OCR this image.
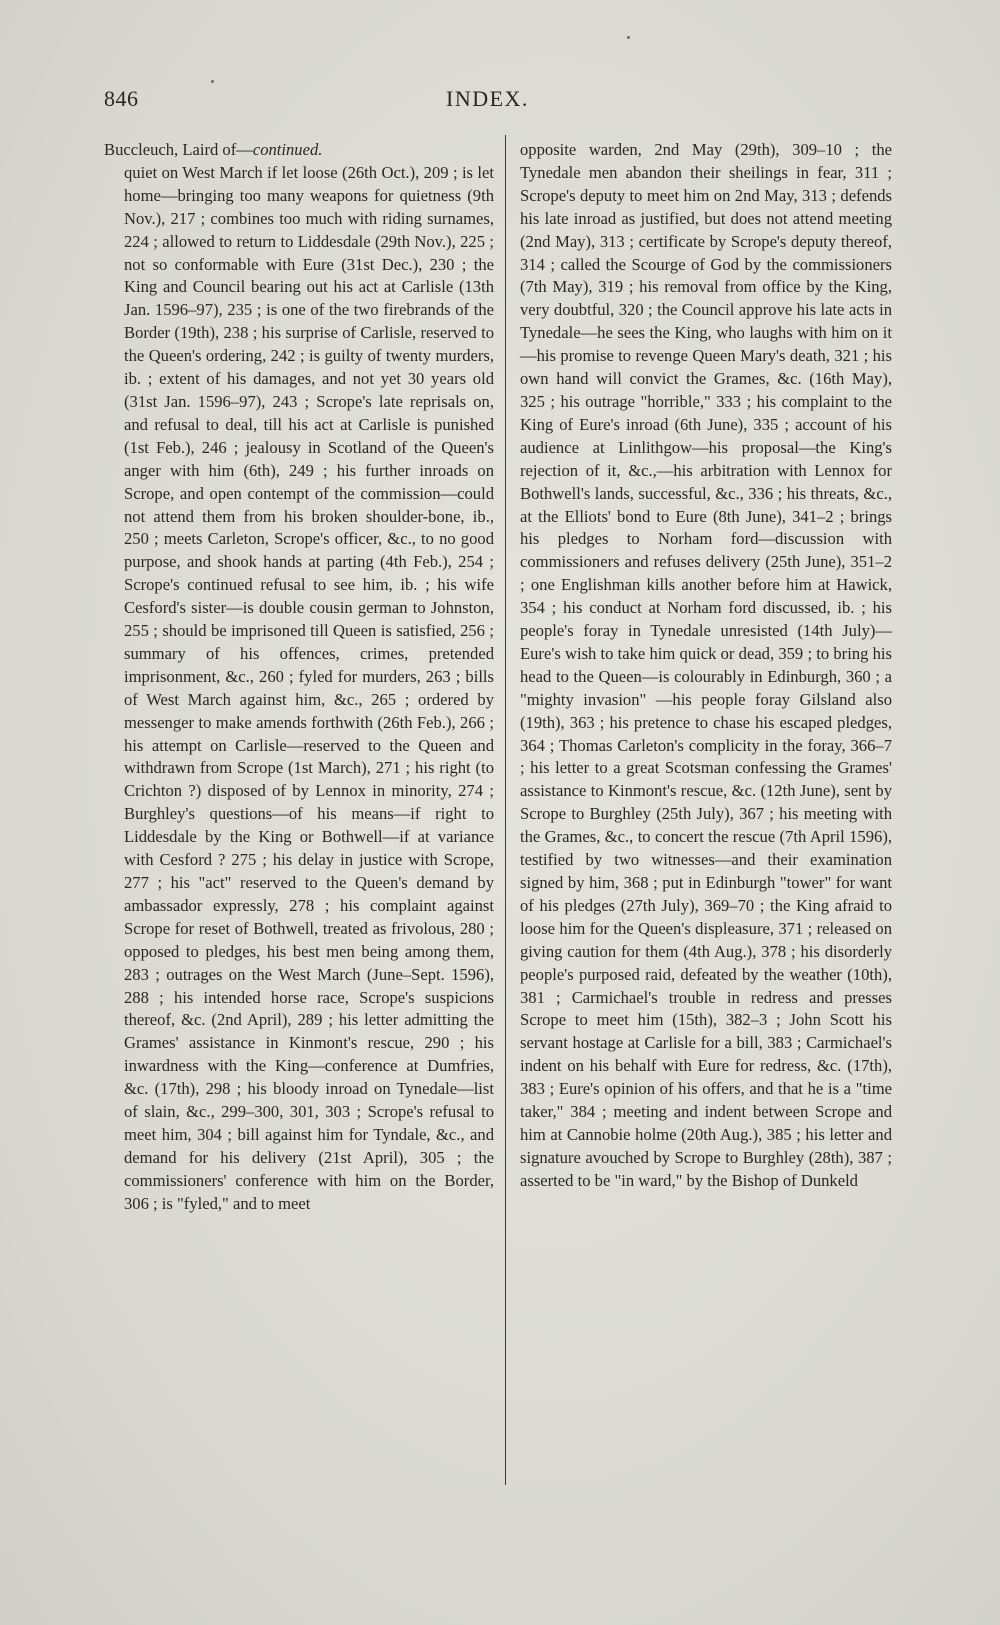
846	INDEX.

Buccleuch, Laird of—continued.

quiet on West March if let loose (26th Oct.), 209 ; is let home—bringing too many weapons for quietness (9th Nov.), 217 ; combines too much with riding surnames, 224 ; allowed to return to Liddesdale (29th Nov.), 225 ; not so conformable with Eure (31st Dec.), 230 ; the King and Council bearing out his act at Carlisle (13th Jan. 1596–97), 235 ; is one of the two firebrands of the Border (19th), 238 ; his surprise of Carlisle, reserved to the Queen's ordering, 242 ; is guilty of twenty murders, ib. ; extent of his damages, and not yet 30 years old (31st Jan. 1596–97), 243 ; Scrope's late reprisals on, and refusal to deal, till his act at Carlisle is punished (1st Feb.), 246 ; jealousy in Scotland of the Queen's anger with him (6th), 249 ; his further inroads on Scrope, and open contempt of the commission—could not attend them from his broken shoulder-bone, ib., 250 ; meets Carleton, Scrope's officer, &c., to no good purpose, and shook hands at parting (4th Feb.), 254 ; Scrope's continued refusal to see him, ib. ; his wife Cesford's sister—is double cousin german to Johnston, 255 ; should be imprisoned till Queen is satisfied, 256 ; summary of his offences, crimes, pretended imprisonment, &c., 260 ; fyled for murders, 263 ; bills of West March against him, &c., 265 ; ordered by messenger to make amends forthwith (26th Feb.), 266 ; his attempt on Carlisle—reserved to the Queen and withdrawn from Scrope (1st March), 271 ; his right (to Crichton ?) disposed of by Lennox in minority, 274 ; Burghley's questions—of his means—if right to Liddesdale by the King or Bothwell—if at variance with Cesford ? 275 ; his delay in justice with Scrope, 277 ; his "act" reserved to the Queen's demand by ambassador expressly, 278 ; his complaint against Scrope for reset of Bothwell, treated as frivolous, 280 ; opposed to pledges, his best men being among them, 283 ; outrages on the West March (June–Sept. 1596), 288 ; his intended horse race, Scrope's suspicions thereof, &c. (2nd April), 289 ; his letter admitting the Grames' assistance in Kinmont's rescue, 290 ; his inwardness with the King—conference at Dumfries, &c. (17th), 298 ; his bloody inroad on Tynedale—list of slain, &c., 299–300, 301, 303 ; Scrope's refusal to meet him, 304 ; bill against him for Tyndale, &c., and demand for his delivery (21st April), 305 ; the commissioners' conference with him on the Border, 306 ; is "fyled," and to meet

opposite warden, 2nd May (29th), 309–10 ; the Tynedale men abandon their sheilings in fear, 311 ; Scrope's deputy to meet him on 2nd May, 313 ; defends his late inroad as justified, but does not attend meeting (2nd May), 313 ; certificate by Scrope's deputy thereof, 314 ; called the Scourge of God by the commissioners (7th May), 319 ; his removal from office by the King, very doubtful, 320 ; the Council approve his late acts in Tynedale—he sees the King, who laughs with him on it—his promise to revenge Queen Mary's death, 321 ; his own hand will convict the Grames, &c. (16th May), 325 ; his outrage "horrible," 333 ; his complaint to the King of Eure's inroad (6th June), 335 ; account of his audience at Linlithgow—his proposal—the King's rejection of it, &c.,—his arbitration with Lennox for Bothwell's lands, successful, &c., 336 ; his threats, &c., at the Elliots' bond to Eure (8th June), 341–2 ; brings his pledges to Norham ford—discussion with commissioners and refuses delivery (25th June), 351–2 ; one Englishman kills another before him at Hawick, 354 ; his conduct at Norham ford discussed, ib. ; his people's foray in Tynedale unresisted (14th July)—Eure's wish to take him quick or dead, 359 ; to bring his head to the Queen—is colourably in Edinburgh, 360 ; a "mighty invasion" —his people foray Gilsland also (19th), 363 ; his pretence to chase his escaped pledges, 364 ; Thomas Carleton's complicity in the foray, 366–7 ; his letter to a great Scotsman confessing the Grames' assistance to Kinmont's rescue, &c. (12th June), sent by Scrope to Burghley (25th July), 367 ; his meeting with the Grames, &c., to concert the rescue (7th April 1596), testified by two witnesses—and their examination signed by him, 368 ; put in Edinburgh "tower" for want of his pledges (27th July), 369–70 ; the King afraid to loose him for the Queen's displeasure, 371 ; released on giving caution for them (4th Aug.), 378 ; his disorderly people's purposed raid, defeated by the weather (10th), 381 ; Carmichael's trouble in redress and presses Scrope to meet him (15th), 382–3 ; John Scott his servant hostage at Carlisle for a bill, 383 ; Carmichael's indent on his behalf with Eure for redress, &c. (17th), 383 ; Eure's opinion of his offers, and that he is a "time taker," 384 ; meeting and indent between Scrope and him at Cannobie holme (20th Aug.), 385 ; his letter and signature avouched by Scrope to Burghley (28th), 387 ; asserted to be "in ward," by the Bishop of Dunkeld
